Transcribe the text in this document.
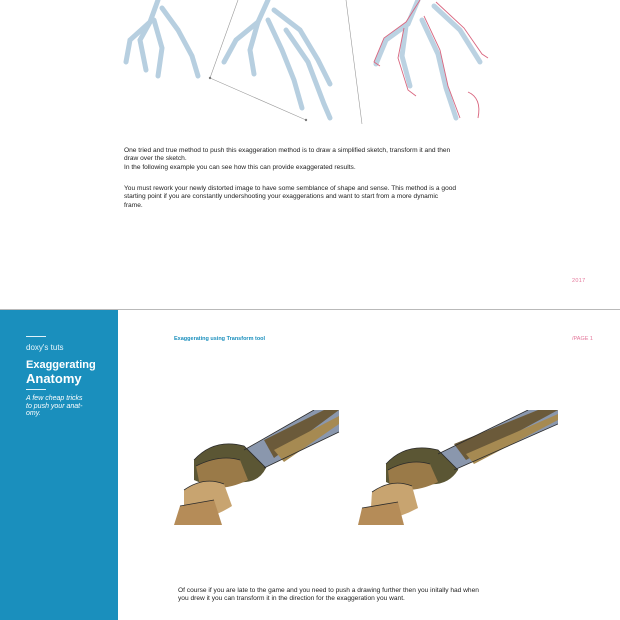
One tried and true method to push this exaggeration method is to draw a simplified sketch, transform it and then
draw over the sketch.
In the following example you can see how this can provide exaggerated results.

You must rework your newly distorted image to have some semblance of shape and sense. This method is a good
starting point if you are constantly undershooting your exaggerations and want to start from a more dynamic
frame.

2017
doxy's tuts
Exaggerating
Anatomy
A few cheap tricks
to push your anat-
omy.
Exaggerating using Transform tool	/PAGE 1

Of course if you are late to the game and you need to push a drawing further then you initally had when
you drew it you can transform it in the direction for the exaggeration you want.
